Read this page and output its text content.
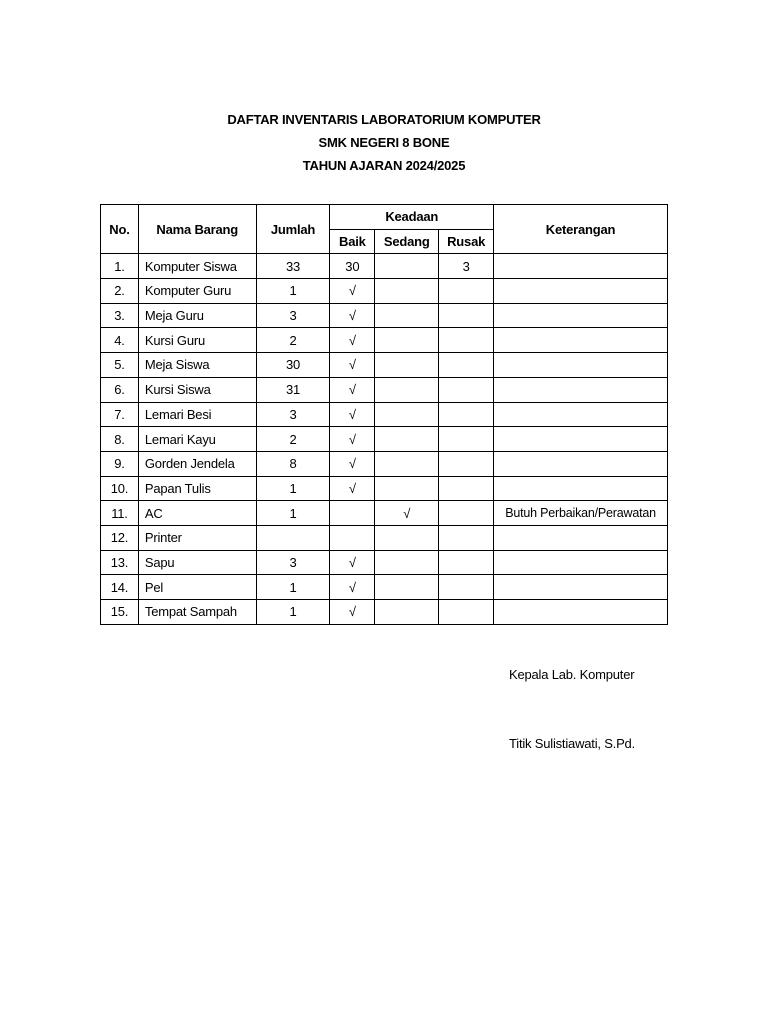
DAFTAR INVENTARIS LABORATORIUM KOMPUTER
SMK NEGERI 8 BONE
TAHUN AJARAN 2024/2025
No.	Nama Barang	Jumlah	Keadaan			Keterangan
			Baik	Sedang	Rusak	
1.	Komputer Siswa	33	30		3	
2.	Komputer Guru	1	√			
3.	Meja Guru	3	√			
4.	Kursi Guru	2	√			
5.	Meja Siswa	30	√			
6.	Kursi Siswa	31	√			
7.	Lemari Besi	3	√			
8.	Lemari Kayu	2	√			
9.	Gorden Jendela	8	√			
10.	Papan Tulis	1	√			
11.	AC	1		√		Butuh Perbaikan/Perawatan
12.	Printer					
13.	Sapu	3	√			
14.	Pel	1	√			
15.	Tempat Sampah	1	√			
Kepala Lab. Komputer
Titik Sulistiawati, S.Pd.
